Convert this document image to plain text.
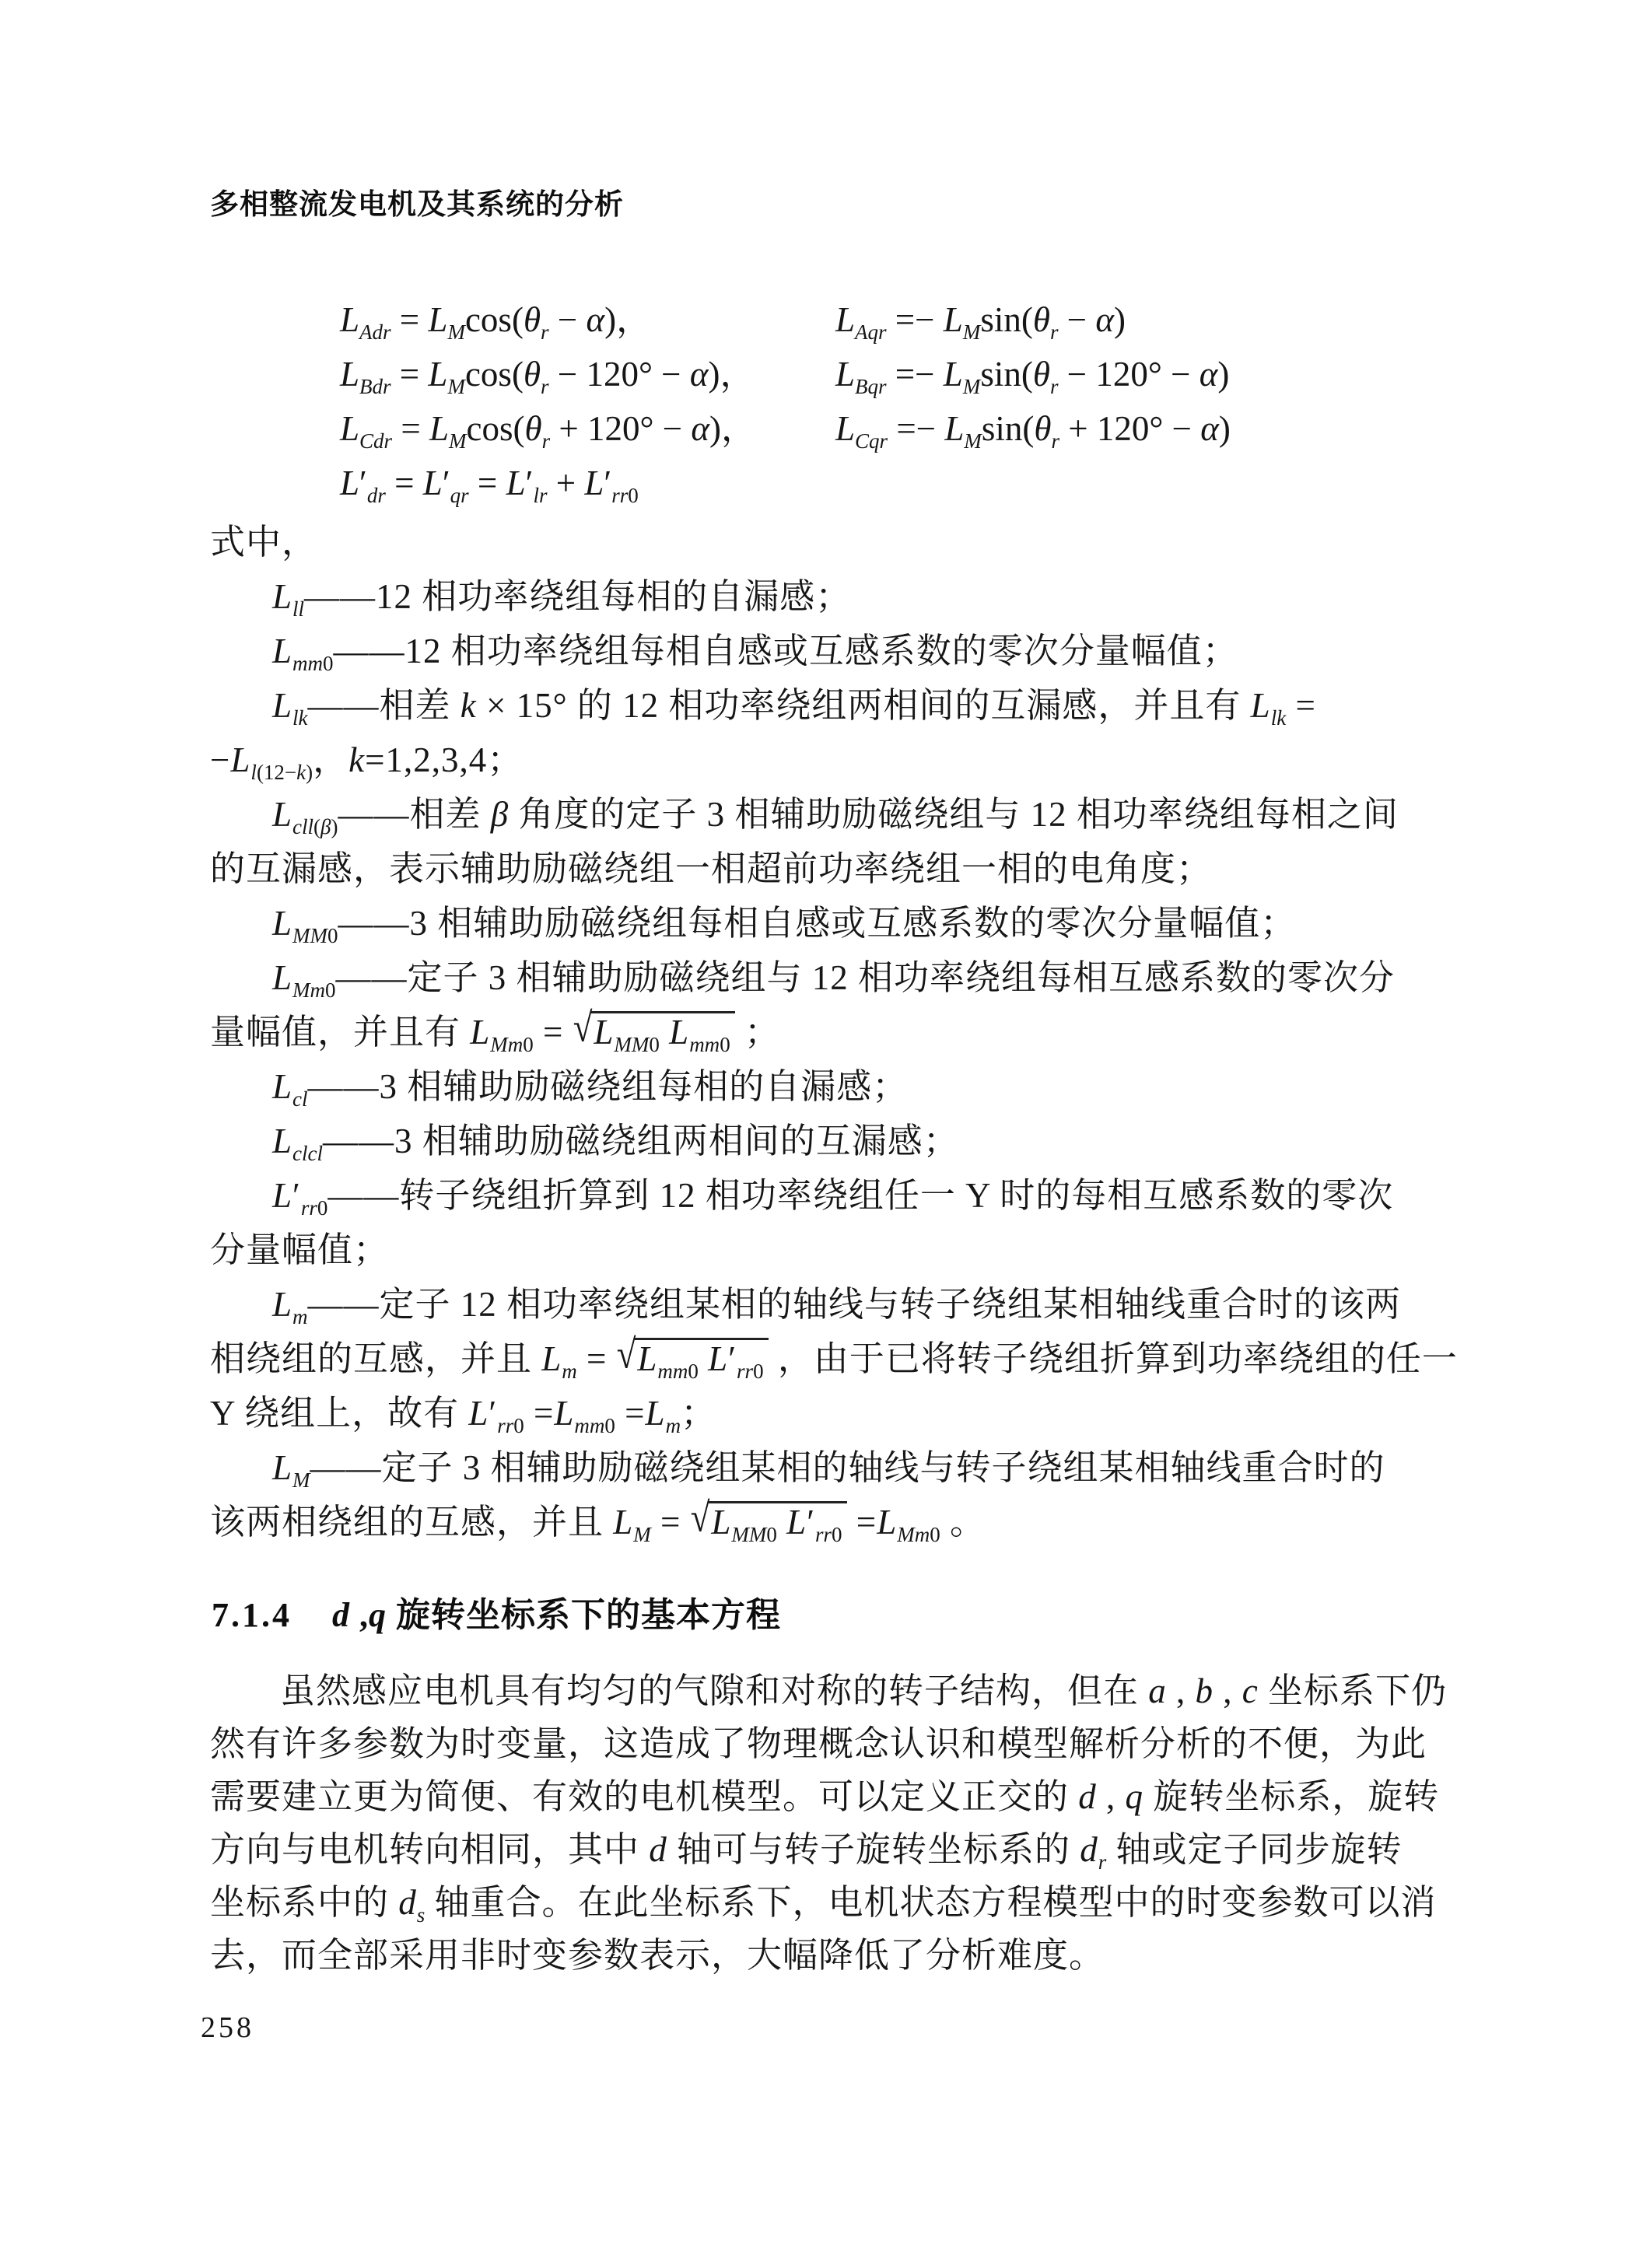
多相整流发电机及其系统的分析
$L_{Adr} = L_M\cos(\theta_r - \alpha)$，	$L_{Aqr} =- L_M\sin(\theta_r - \alpha)$
$L_{Bdr} = L_M\cos(\theta_r - 120^\circ - \alpha)$， $L_{Bqr} =- L_M\sin(\theta_r - 120^\circ - \alpha)$
$L_{Cdr} = L_M\cos(\theta_r + 120^\circ - \alpha)$， $L_{Cqr} =- L_M\sin(\theta_r + 120^\circ - \alpha)$
$L'_{dr} = L'_{qr} = L'_{lr} + L'_{rr0}$
式中，
$L_{ll}——12$ 相功率绕组每相的自漏感；
$L_{mm0}——12$ 相功率绕组每相自感或互感系数的零次分量幅值；
$L_{lk}——$相差 k × 15° 的 12 相功率绕组两相间的互漏感，并且有 $L_{lk}$ =
$-L_{l(12-k)}$，k=1,2,3,4；
$L_{cll(\beta)}——$相差 β 角度的定子 3 相辅助励磁绕组与 12 相功率绕组每相之间
的互漏感，表示辅助励磁绕组一相超前功率绕组一相的电角度；
$L_{MM0}——3$ 相辅助励磁绕组每相自感或互感系数的零次分量幅值；
$L_{Mm0}——$定子 3 相辅助励磁绕组与 12 相功率绕组每相互感系数的零次分
量幅值，并且有 $L_{Mm0} = √L_{MM0}$ $L_{mm0}$ ；
$L_{cl}——3$ 相辅助励磁绕组每相的自漏感；
$L_{clcl}——3$ 相辅助励磁绕组两相间的互漏感；
$L'_{rr0}——$转子绕组折算到 12 相功率绕组任一 Y 时的每相互感系数的零次
分量幅值；
$L_m——$定子 12 相功率绕组某相的轴线与转子绕组某相轴线重合时的该两
相绕组的互感，并且 $L_m = √L_{mm0}$ $L'_{rr0}$ ，由于已将转子绕组折算到功率绕组的任一
Y 绕组上，故有 $L'_{rr0} =L_{mm0} =L_m$；
$L_M——$定子 3 相辅助励磁绕组某相的轴线与转子绕组某相轴线重合时的
该两相绕组的互感，并且 $L_M = √L_{MM0}$ $L'_{rr0} =L_{Mm0}$ 。
7.1.4 d ,q 旋转坐标系下的基本方程
虽然感应电机具有均匀的气隙和对称的转子结构，但在 a , b , c 坐标系下仍
然有许多参数为时变量，这造成了物理概念认识和模型解析分析的不便，为此
需要建立更为简便、有效的电机模型。可以定义正交的 d , q 旋转坐标系，旋转
方向与电机转向相同，其中 d 轴可与转子旋转坐标系的 $d_r$ 轴或定子同步旋转
坐标系中的 $d_s$ 轴重合。在此坐标系下，电机状态方程模型中的时变参数可以消
去，而全部采用非时变参数表示，大幅降低了分析难度。
258
